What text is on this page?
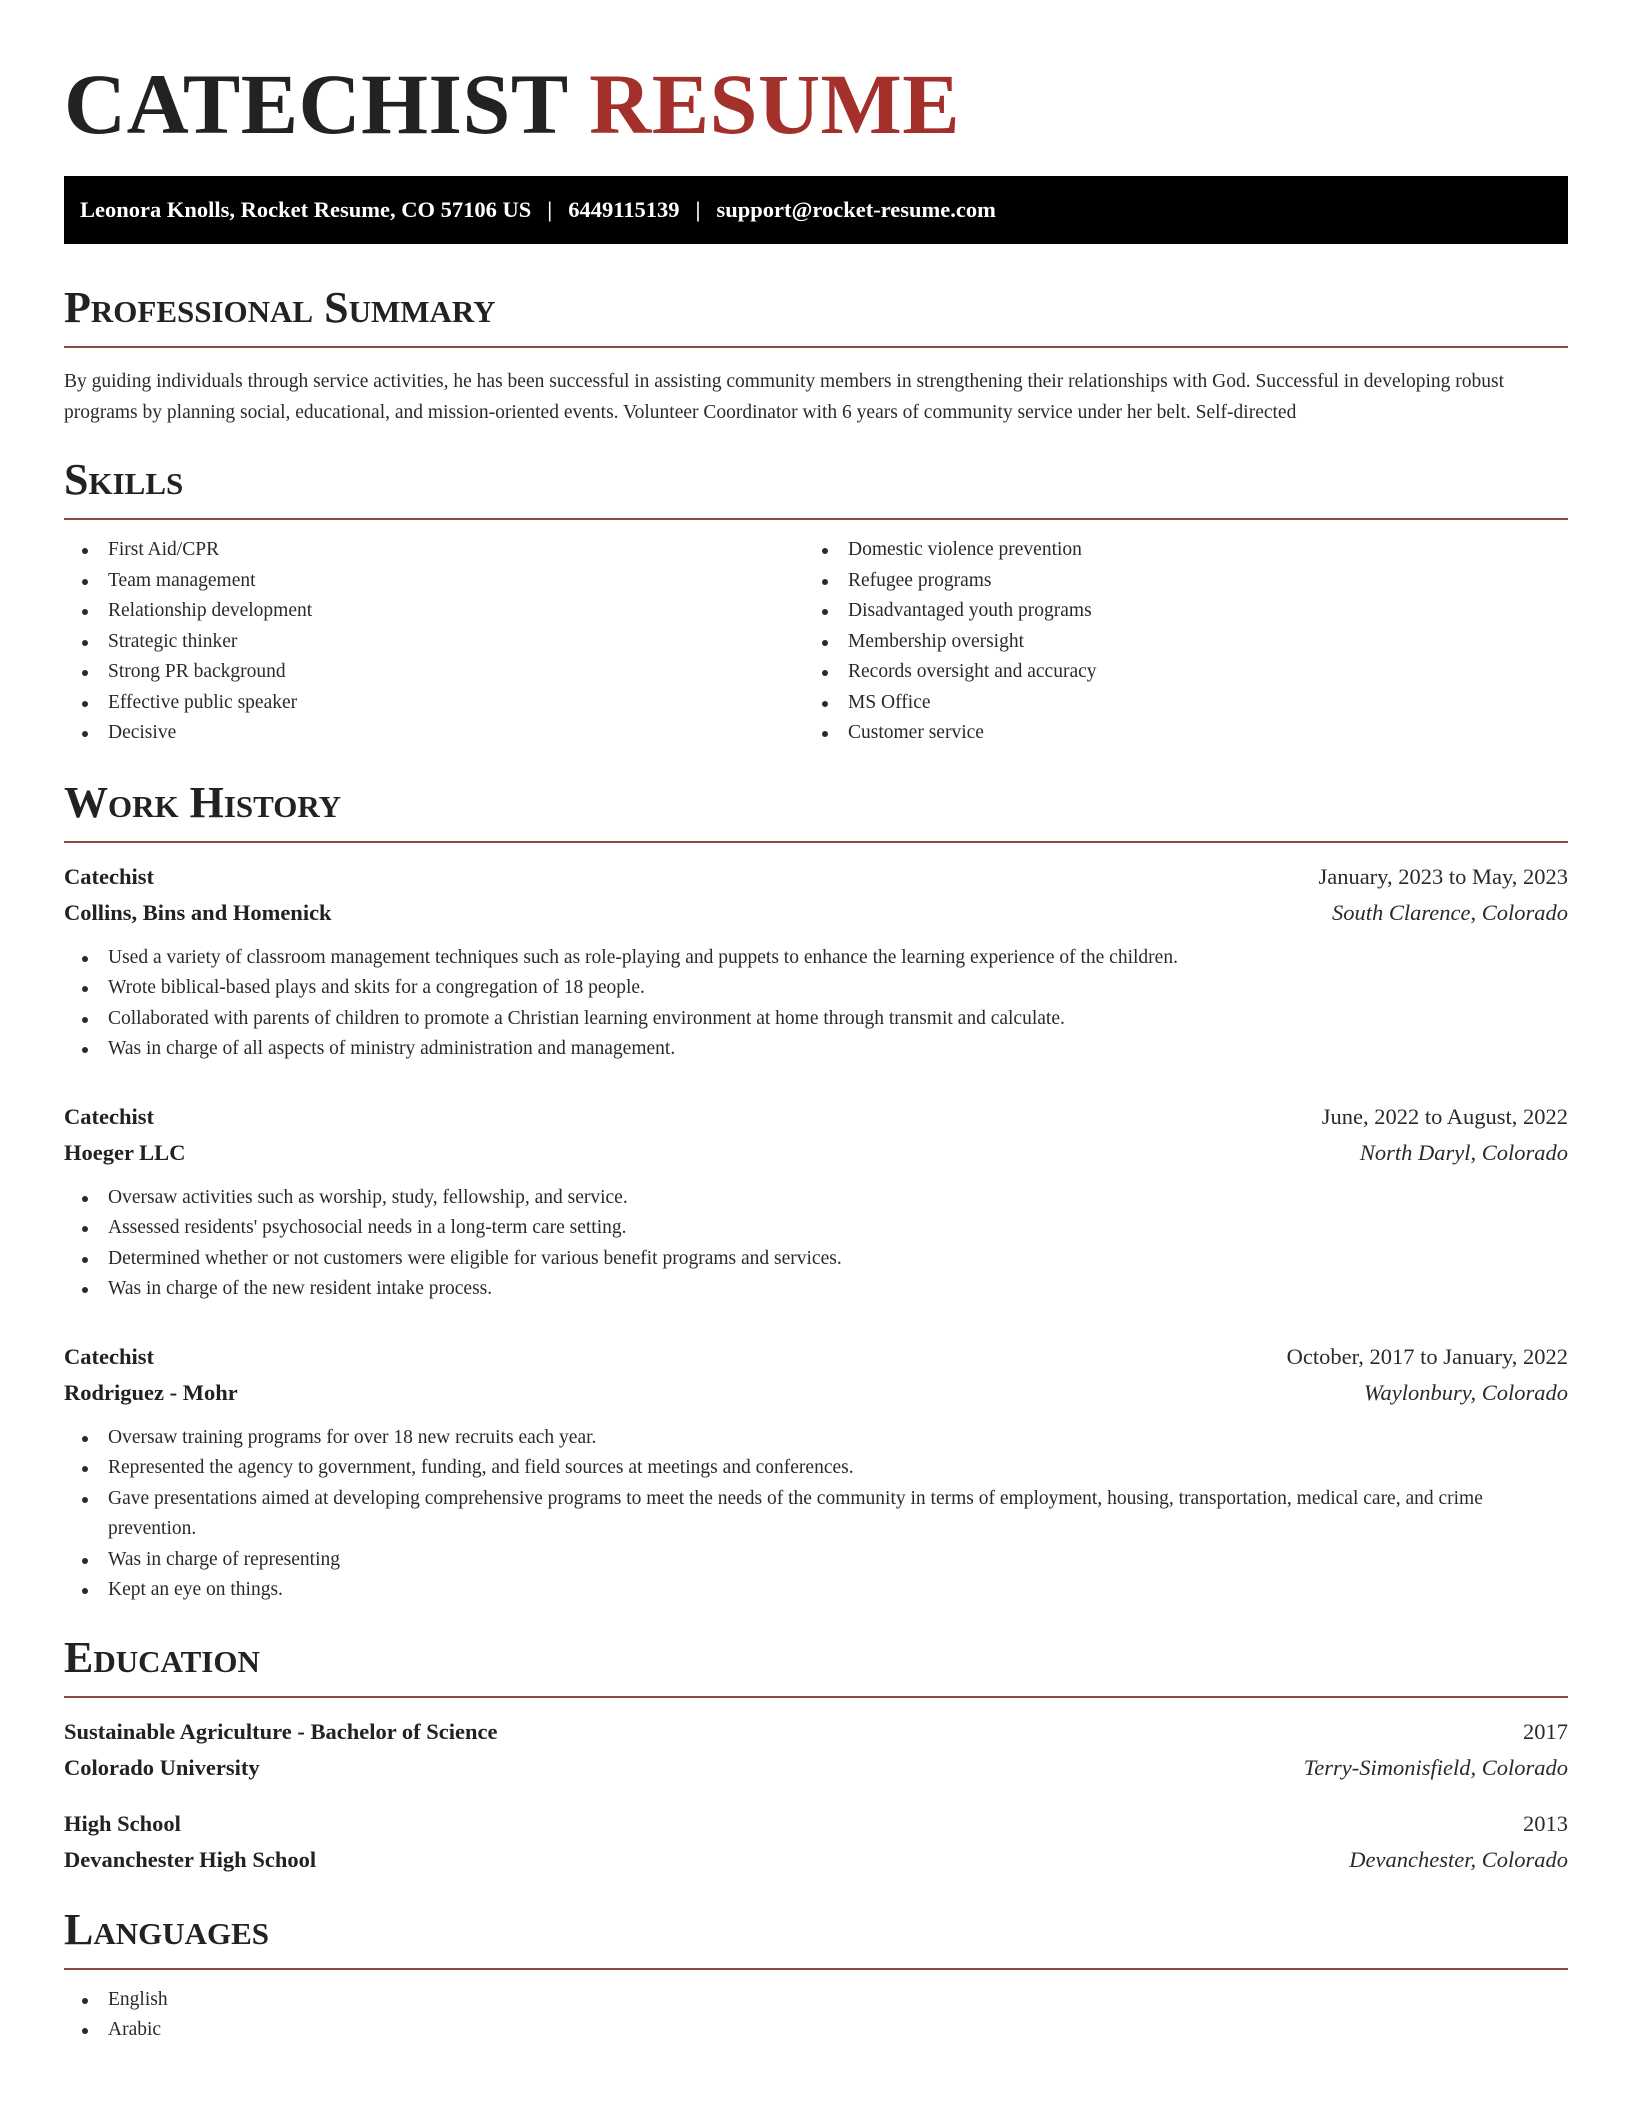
CATECHIST RESUME
Leonora Knolls, Rocket Resume, CO 57106 US | 6449115139 | support@rocket-resume.com
Professional Summary

By guiding individuals through service activities, he has been successful in assisting community members in strengthening their relationships with God. Successful in developing robust programs by planning social, educational, and mission-oriented events. Volunteer Coordinator with 6 years of community service under her belt. Self-directed

Skills
First Aid/CPR
Team management
Relationship development
Strategic thinker
Strong PR background
Effective public speaker
Decisive
Domestic violence prevention
Refugee programs
Disadvantaged youth programs
Membership oversight
Records oversight and accuracy
MS Office
Customer service
Work History
Catechist	January, 2023 to May, 2023
Collins, Bins and Homenick	South Clarence, Colorado
Used a variety of classroom management techniques such as role-playing and puppets to enhance the learning experience of the children.
Wrote biblical-based plays and skits for a congregation of 18 people.
Collaborated with parents of children to promote a Christian learning environment at home through transmit and calculate.
Was in charge of all aspects of ministry administration and management.
Catechist	June, 2022 to August, 2022
Hoeger LLC	North Daryl, Colorado
Oversaw activities such as worship, study, fellowship, and service.
Assessed residents' psychosocial needs in a long-term care setting.
Determined whether or not customers were eligible for various benefit programs and services.
Was in charge of the new resident intake process.
Catechist	October, 2017 to January, 2022
Rodriguez - Mohr	Waylonbury, Colorado
Oversaw training programs for over 18 new recruits each year.
Represented the agency to government, funding, and field sources at meetings and conferences.
Gave presentations aimed at developing comprehensive programs to meet the needs of the community in terms of employment, housing, transportation, medical care, and crime prevention.
Was in charge of representing
Kept an eye on things.
Education
Sustainable Agriculture - Bachelor of Science	2017
Colorado University	Terry-Simonisfield, Colorado
High School	2013
Devanchester High School	Devanchester, Colorado
Languages
English
Arabic
